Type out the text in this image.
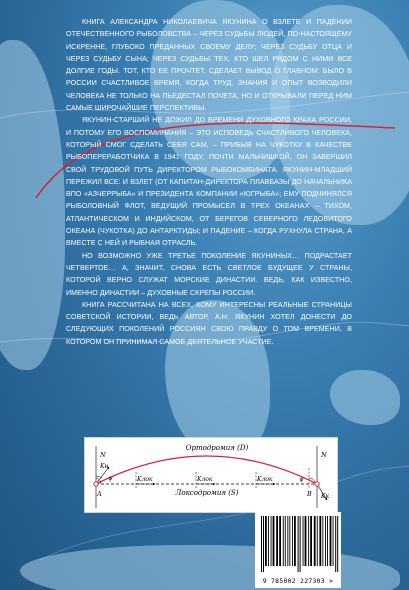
КНИГА АЛЕКСАНДРА НИКОЛАЕВИЧА ЯКУНИНА О ВЗЛЕТЕ И ПАДЕНИИ ОТЕЧЕСТВЕННОГО РЫБОЛОВСТВА – ЧЕРЕЗ СУДЬБЫ ЛЮДЕЙ, ПО-НАСТОЯЩЕМУ ИСКРЕННЕ, ГЛУБОКО ПРЕДАННЫХ СВОЕМУ ДЕЛУ; ЧЕРЕЗ СУДЬБУ ОТЦА И ЧЕРЕЗ СУДЬБУ СЫНА; ЧЕРЕЗ СУДЬБЫ ТЕХ, КТО ШЕЛ РЯДОМ С НИМИ ВСЕ ДОЛГИЕ ГОДЫ. ТОТ, КТО ЕЕ ПРОЧТЕТ, СДЕЛАЕТ ВЫВОД О ГЛАВНОМ: БЫЛО В РОССИИ СЧАСТЛИВОЕ ВРЕМЯ, КОГДА ТРУД, ЗНАНИЯ И ОПЫТ ВОЗВОДИЛИ ЧЕЛОВЕКА НЕ ТОЛЬКО НА ПЬЕДЕСТАЛ ПОЧЕТА, НО И ОТКРЫВАЛИ ПЕРЕД НИМ САМЫЕ ШИРОЧАЙШИЕ ПЕРСПЕКТИВЫ.

ЯКУНИН-СТАРШИЙ НЕ ДОЖИЛ ДО ВРЕМЕНИ ДУХОВНОГО КРАХА РОССИИ, И ПОТОМУ ЕГО ВОСПОМИНАНИЯ – ЭТО ИСПОВЕДЬ СЧАСТЛИВОГО ЧЕЛОВЕКА, КОТОРЫЙ СМОГ СДЕЛАТЬ СЕБЯ САМ, – ПРИБЫВ НА ЧУКОТКУ В КАЧЕСТВЕ РЫБОПЕРЕРАБОТЧИКА В 1941 ГОДУ, ПОЧТИ МАЛЬЧИШКОЙ, ОН ЗАВЕРШИЛ СВОЙ ТРУДОВОЙ ПУТЬ ДИРЕКТОРОМ РЫБОКОМБИНАТА. ЯКУНИН-МЛАДШИЙ ПЕРЕЖИЛ ВСЕ: И ВЗЛЕТ (ОТ КАПИТАН-ДИРЕКТОРА ПЛАВБАЗЫ ДО НАЧАЛЬНИКА ВПО «АЗЧЕРРЫБА» И ПРЕЗИДЕНТА КОМПАНИИ «ЮГРЫБА»; ЕМУ ПОДЧИНЯЛСЯ РЫБОЛОВНЫЙ ФЛОТ, ВЕДУЩИЙ ПРОМЫСЕЛ В ТРЕХ ОКЕАНАХ – ТИХОМ, АТЛАНТИЧЕСКОМ И ИНДИЙСКОМ, ОТ БЕРЕГОВ СЕВЕРНОГО ЛЕДОВИТОГО ОКЕАНА (ЧУКОТКА) ДО АНТАРКТИДЫ; И ПАДЕНИЕ – КОГДА РУХНУЛА СТРАНА, А ВМЕСТЕ С НЕЙ И РЫБНАЯ ОТРАСЛЬ.

НО ВОЗМОЖНО УЖЕ ТРЕТЬЕ ПОКОЛЕНИЕ ЯКУНИНЫХ… ПОДРАСТАЕТ ЧЕТВЕРТОЕ… А, ЗНАЧИТ, СНОВА ЕСТЬ СВЕТЛОЕ БУДУЩЕЕ У СТРАНЫ, КОТОРОЙ ВЕРНО СЛУЖАТ МОРСКИЕ ДИНАСТИИ. ВЕДЬ, КАК ИЗВЕСТНО, ИМЕННО ДИНАСТИИ – ДУХОВНЫЕ СКРЕПЫ РОССИИ.

КНИГА РАССЧИТАНА НА ВСЕХ, КОМУ ИНТЕРЕСНЫ РЕАЛЬНЫЕ СТРАНИЦЫ СОВЕТСКОЙ ИСТОРИИ, ВЕДЬ АВТОР, А.Н. ЯКУНИН ХОТЕЛ ДОНЕСТИ ДО СЛЕДУЮЩИХ ПОКОЛЕНИЙ РОССИЯН СВОЮ ПРАВДУ О ТОМ ВРЕМЕНИ, В КОТОРОМ ОН ПРИНИМАЛ САМОЕ ДЕЯТЕЛЬНОЕ УЧАСТИЕ.

Ортодромия (D)
Локсодромия (S)
A	B
N	N
Kн
ψ	ψ
Kлок	Kлок	Kлок
Kк
9 785002 227303 >
